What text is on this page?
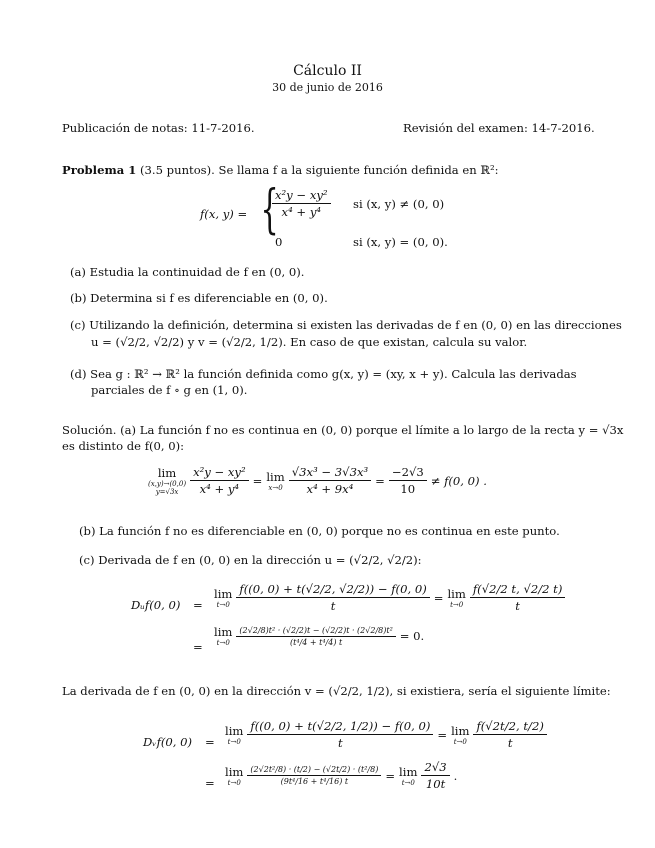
Cálculo II
30 de junio de 2016
Publicación de notas: 11-7-2016.	Revisión del examen: 14-7-2016.
Problema 1 (3.5 puntos). Se llama f a la siguiente función definida en ℝ²:
f(x, y) = {
$\frac{\text{x²y − xy²}}{\text{x⁴ + y⁴}}$ si (x, y) ≠ (0, 0)
0	si (x, y) = (0, 0).
(a) Estudia la continuidad de f en (0, 0).
(b) Determina si f es diferenciable en (0, 0).
(c) Utilizando la definición, determina si existen las derivadas de f en (0, 0) en las direcciones
u = (√2/2, √2/2) y v = (√2/2, 1/2). En caso de que existan, calcula su valor.
(d) Sea g : ℝ² → ℝ² la función definida como g(x, y) = (xy, x + y). Calcula las derivadas
parciales de f ∘ g en (1, 0).
Solución. (a) La función f no es continua en (0, 0) porque el límite a lo largo de la recta y = √3x
es distinto de f(0, 0):
lim
(x,y)→(0,0)
$y=√3x \frac{\text{x²y − xy²}}{\text{x⁴ + y⁴}} = \lim$
$x\to 0 \frac{\text{√3x³ − 3√3x³}}{\text{x⁴ + 9x⁴}} = \frac{-2√3}{10} \ne f(0$, 0) .
(b) La función f no es diferenciable en (0, 0) porque no es continua en este punto.
(c) Derivada de f en (0, 0) en la dirección u = (√2/2, √2/2):
Dᵤf(0, 0) =
lim
$t\to 0 \frac{f((0, 0) + t(√2/2, √2/2)) - f(0, 0)}{t} = \lim$
$t\to 0 \frac{f(√2/2 t, √2/2 t)}{t}$
=
lim
$t\to 0 \frac{\text{(2√2/8)t² · (√2/2)t − (√2/2)t · (2√2/8)t²}}{\text{(t⁴/4 + t⁴/4) t}} = 0$.
La derivada de f en (0, 0) en la dirección v = (√2/2, 1/2), si existiera, sería el siguiente límite:
Dᵥf(0, 0) =
lim
$t\to 0 \frac{f((0, 0) + t(√2/2, 1/2)) - f(0, 0)}{t} = \lim$
$t\to 0 \frac{f(√2t/2, t/2)}{t}$
=
lim
$t\to 0 \frac{\text{(2√2t²/8) · (t/2) − (√2t/2) · (t²/8)}}{\text{(9t⁴/16 + t⁴/16) t}} = \lim$
$t\to 0 \frac{2√3}{10t}$ .
